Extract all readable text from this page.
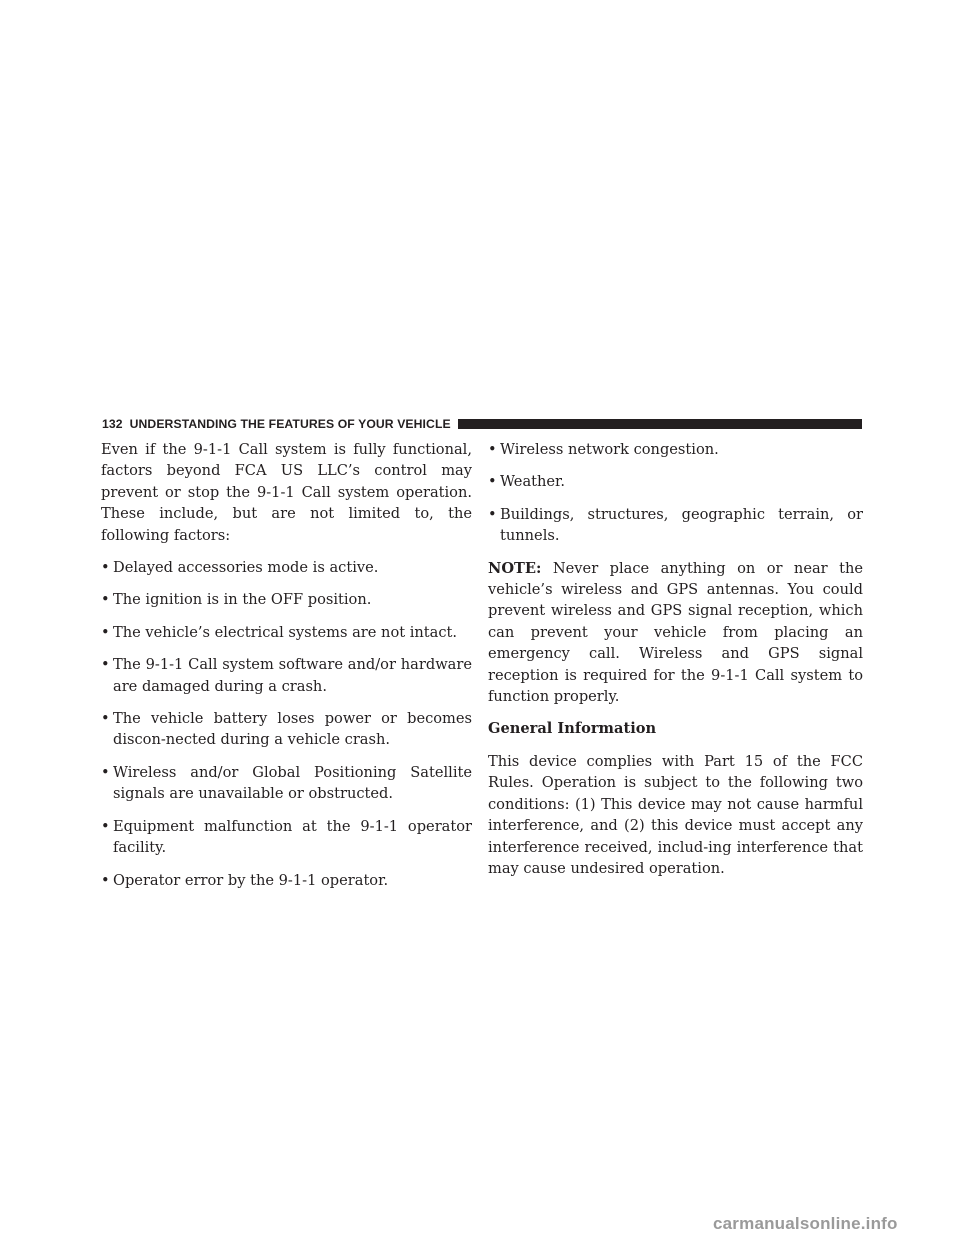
132 UNDERSTANDING THE FEATURES OF YOUR VEHICLE

Even if the 9-1-1 Call system is fully functional, factors beyond FCA US LLC’s control may prevent or stop the 9-1-1 Call system operation. These include, but are not limited to, the following factors:

• Delayed accessories mode is active.
• The ignition is in the OFF position.
• The vehicle’s electrical systems are not intact.
• The 9-1-1 Call system software and/or hardware are damaged during a crash.
• The vehicle battery loses power or becomes discon-nected during a vehicle crash.
• Wireless and/or Global Positioning Satellite signals are unavailable or obstructed.
• Equipment malfunction at the 9-1-1 operator facility.
• Operator error by the 9-1-1 operator.
• Wireless network congestion.
• Weather.
• Buildings, structures, geographic terrain, or tunnels.

NOTE: Never place anything on or near the vehicle’s wireless and GPS antennas. You could prevent wireless and GPS signal reception, which can prevent your vehicle from placing an emergency call. Wireless and GPS signal reception is required for the 9-1-1 Call system to function properly.

General Information

This device complies with Part 15 of the FCC Rules. Operation is subject to the following two conditions: (1) This device may not cause harmful interference, and (2) this device must accept any interference received, includ-ing interference that may cause undesired operation.

carmanualsonline.info
